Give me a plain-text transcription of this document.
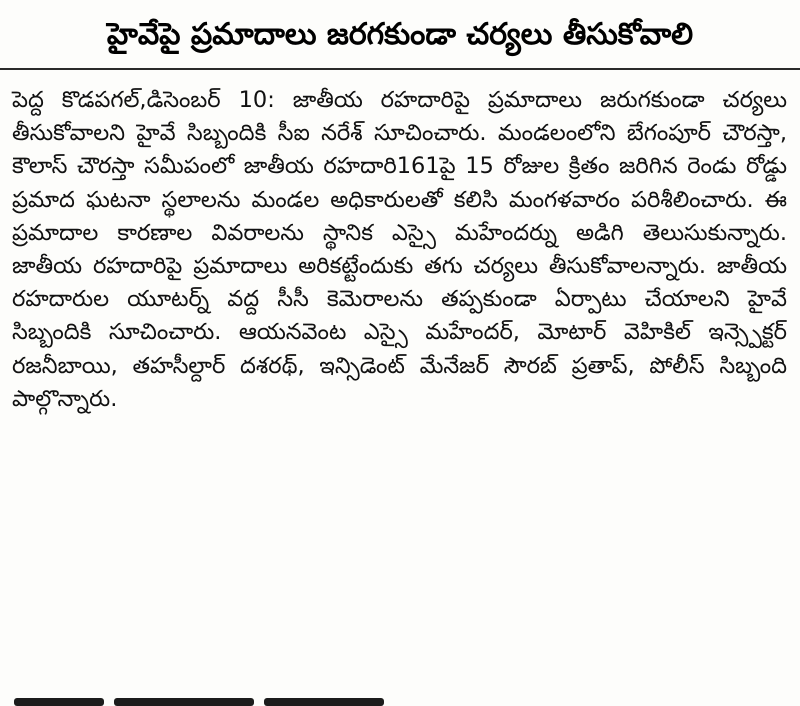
హైవేపై ప్రమాదాలు జరగకుండా చర్యలు తీసుకోవాలి

పెద్ద కొడపగల్,డిసెంబర్ 10: జాతీయ రహదారిపై ప్రమాదాలు జరుగకుండా చర్యలు తీసుకోవాలని హైవే సిబ్బందికి సీఐ నరేశ్ సూచించారు. మండలంలోని బేగంపూర్ చౌరస్తా, కౌలాస్ చౌరస్తా సమీపంలో జాతీయ రహదారి161పై 15 రోజుల క్రితం జరిగిన రెండు రోడ్డు ప్రమాద ఘటనా స్థలాలను మండల అధికారులతో కలిసి మంగళవారం పరిశీలించారు. ఈ ప్రమాదాల కారణాల వివరాలను స్థానిక ఎస్సై మహేందర్ను అడిగి తెలుసుకున్నారు. జాతీయ రహదారిపై ప్రమాదాలు అరికట్టేందుకు తగు చర్యలు తీసుకోవాలన్నారు. జాతీయ రహదారుల యూటర్న్ వద్ద సీసీ కెమెరాలను తప్పకుండా ఏర్పాటు చేయాలని హైవే సిబ్బందికి సూచించారు. ఆయనవెంట ఎస్సై మహేందర్, మోటార్ వెహికిల్ ఇన్స్పెక్టర్ రజనీబాయి, తహసీల్దార్ దశరథ్, ఇన్సిడెంట్ మేనేజర్ సౌరబ్ ప్రతాప్, పోలీస్ సిబ్బంది పాల్గొన్నారు.
